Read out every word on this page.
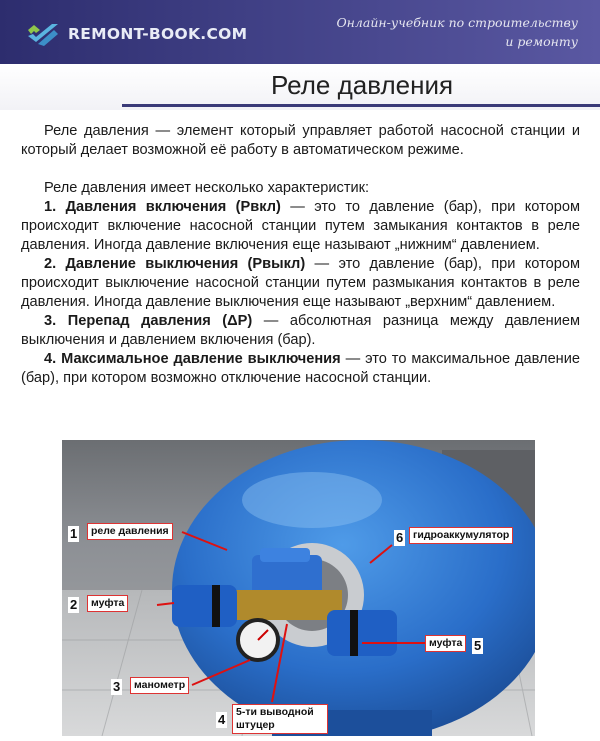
REMONT-BOOK.COM
Онлайн-учебник по строительству и ремонту
Реле давления

Реле давления — элемент который управляет работой насосной станции и который делает возможной её работу в автоматическом режиме.

Реле давления имеет несколько характеристик:

1. Давления включения (Рвкл) — это то давление (бар), при котором происходит включение насосной станции путем замыкания контактов в реле давления. Иногда давление включения еще называют „нижним“ давлением.

2. Давление выключения (Рвыкл) — это давление (бар), при котором происходит выключение насосной станции путем размыкания контактов в реле давления. Иногда давление выключения еще называют „верхним“ давлением.

3. Перепад давления (ΔР) — абсолютная разница между давлением выключения и давлением включения (бар).

4. Максимальное давление выключения — это то максимальное давление (бар), при котором возможно отключение насосной станции.

1	реле давления
2	муфта
3	манометр
4	5-ти выводной штуцер
5
муфта
6 гидроаккумулятор
